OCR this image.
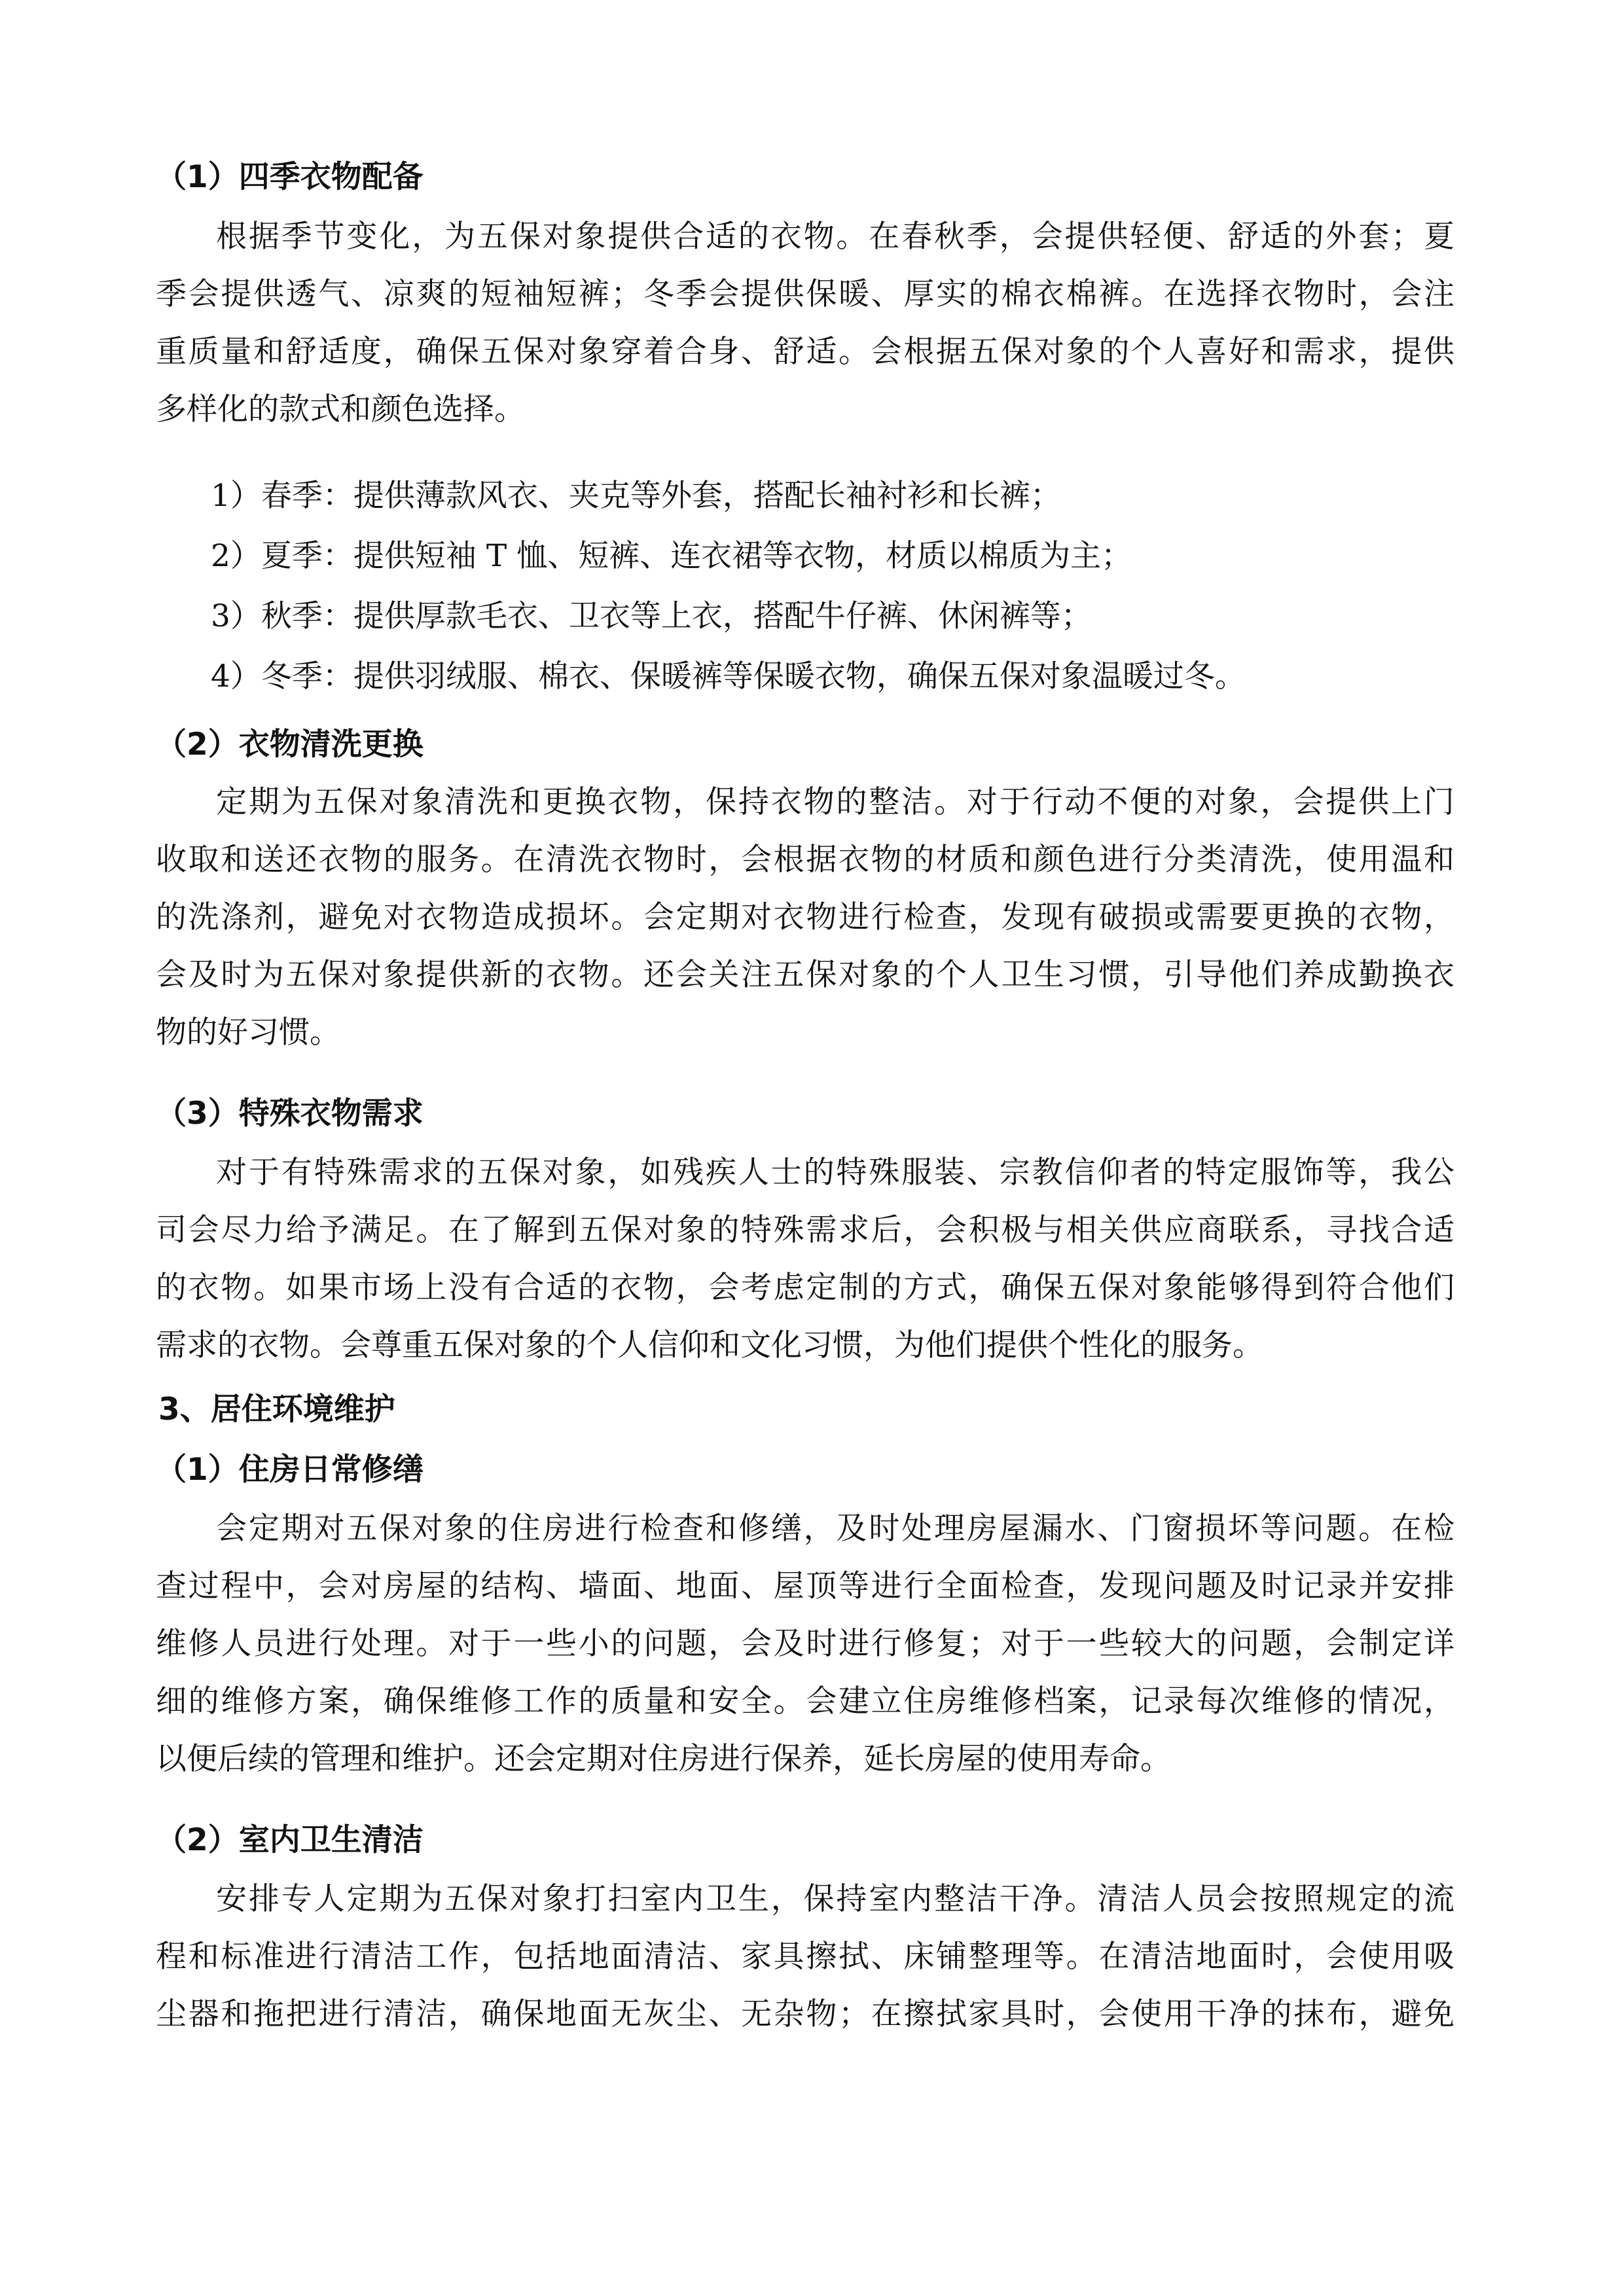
（1）四季衣物配备
根据季节变化，为五保对象提供合适的衣物。在春秋季，会提供轻便、舒适的外套；夏
季会提供透气、凉爽的短袖短裤；冬季会提供保暖、厚实的棉衣棉裤。在选择衣物时，会注
重质量和舒适度，确保五保对象穿着合身、舒适。会根据五保对象的个人喜好和需求，提供
多样化的款式和颜色选择。
1）春季：提供薄款风衣、夹克等外套，搭配长袖衬衫和长裤；
2）夏季：提供短袖 T 恤、短裤、连衣裙等衣物，材质以棉质为主；
3）秋季：提供厚款毛衣、卫衣等上衣，搭配牛仔裤、休闲裤等；
4）冬季：提供羽绒服、棉衣、保暖裤等保暖衣物，确保五保对象温暖过冬。
（2）衣物清洗更换
定期为五保对象清洗和更换衣物，保持衣物的整洁。对于行动不便的对象，会提供上门
收取和送还衣物的服务。在清洗衣物时，会根据衣物的材质和颜色进行分类清洗，使用温和
的洗涤剂，避免对衣物造成损坏。会定期对衣物进行检查，发现有破损或需要更换的衣物，
会及时为五保对象提供新的衣物。还会关注五保对象的个人卫生习惯，引导他们养成勤换衣
物的好习惯。
（3）特殊衣物需求
对于有特殊需求的五保对象，如残疾人士的特殊服装、宗教信仰者的特定服饰等，我公
司会尽力给予满足。在了解到五保对象的特殊需求后，会积极与相关供应商联系，寻找合适
的衣物。如果市场上没有合适的衣物，会考虑定制的方式，确保五保对象能够得到符合他们
需求的衣物。会尊重五保对象的个人信仰和文化习惯，为他们提供个性化的服务。
3、居住环境维护
（1）住房日常修缮
会定期对五保对象的住房进行检查和修缮，及时处理房屋漏水、门窗损坏等问题。在检
查过程中，会对房屋的结构、墙面、地面、屋顶等进行全面检查，发现问题及时记录并安排
维修人员进行处理。对于一些小的问题，会及时进行修复；对于一些较大的问题，会制定详
细的维修方案，确保维修工作的质量和安全。会建立住房维修档案，记录每次维修的情况，
以便后续的管理和维护。还会定期对住房进行保养，延长房屋的使用寿命。
（2）室内卫生清洁
安排专人定期为五保对象打扫室内卫生，保持室内整洁干净。清洁人员会按照规定的流
程和标准进行清洁工作，包括地面清洁、家具擦拭、床铺整理等。在清洁地面时，会使用吸
尘器和拖把进行清洁，确保地面无灰尘、无杂物；在擦拭家具时，会使用干净的抹布，避免
